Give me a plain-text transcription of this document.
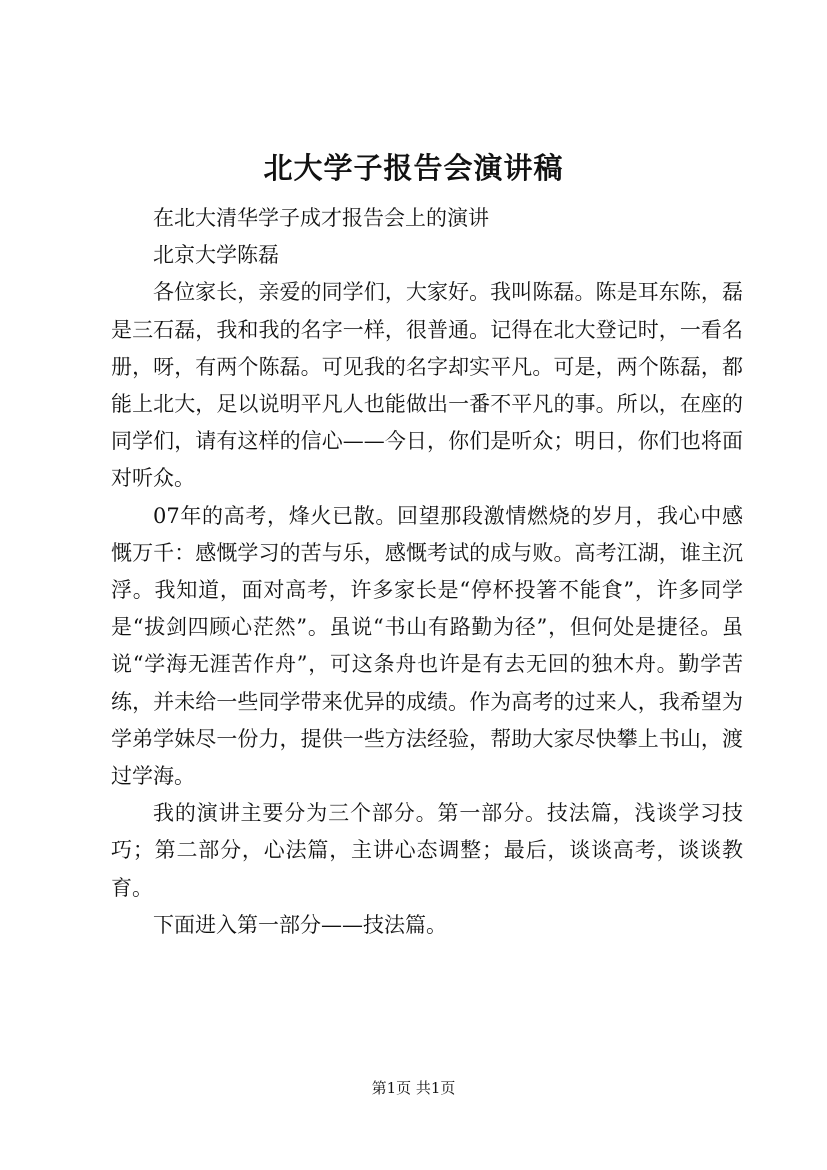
北大学子报告会演讲稿

在北大清华学子成才报告会上的演讲

北京大学陈磊

各位家长，亲爱的同学们，大家好。我叫陈磊。陈是耳东陈，磊是三石磊，我和我的名字一样，很普通。记得在北大登记时，一看名册，呀，有两个陈磊。可见我的名字却实平凡。可是，两个陈磊，都能上北大，足以说明平凡人也能做出一番不平凡的事。所以，在座的同学们，请有这样的信心——今日，你们是听众；明日，你们也将面对听众。

07年的高考，烽火已散。回望那段激情燃烧的岁月，我心中感慨万千：感慨学习的苦与乐，感慨考试的成与败。高考江湖，谁主沉浮。我知道，面对高考，许多家长是“停杯投箸不能食”，许多同学是“拔剑四顾心茫然”。虽说“书山有路勤为径”，但何处是捷径。虽说“学海无涯苦作舟”，可这条舟也许是有去无回的独木舟。勤学苦练，并未给一些同学带来优异的成绩。作为高考的过来人，我希望为学弟学妹尽一份力，提供一些方法经验，帮助大家尽快攀上书山，渡过学海。

我的演讲主要分为三个部分。第一部分。技法篇，浅谈学习技巧；第二部分，心法篇，主讲心态调整；最后，谈谈高考，谈谈教育。

下面进入第一部分——技法篇。

第1页 共1页
